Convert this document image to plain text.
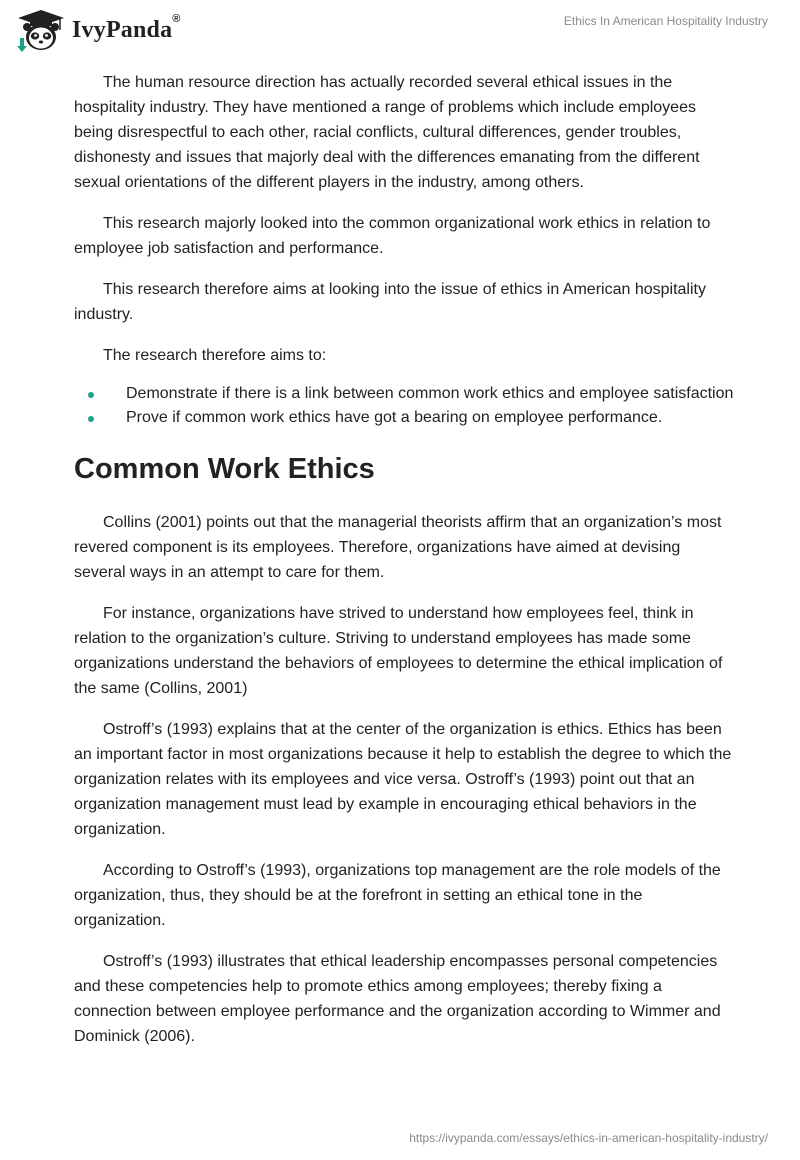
IvyPanda®	Ethics In American Hospitality Industry

The human resource direction has actually recorded several ethical issues in the hospitality industry. They have mentioned a range of problems which include employees being disrespectful to each other, racial conflicts, cultural differences, gender troubles, dishonesty and issues that majorly deal with the differences emanating from the different sexual orientations of the different players in the industry, among others.

This research majorly looked into the common organizational work ethics in relation to employee job satisfaction and performance.

This research therefore aims at looking into the issue of ethics in American hospitality industry.

The research therefore aims to:

Demonstrate if there is a link between common work ethics and employee satisfaction
Prove if common work ethics have got a bearing on employee performance.
Common Work Ethics

Collins (2001) points out that the managerial theorists affirm that an organization’s most revered component is its employees. Therefore, organizations have aimed at devising several ways in an attempt to care for them.

For instance, organizations have strived to understand how employees feel, think in relation to the organization’s culture. Striving to understand employees has made some organizations understand the behaviors of employees to determine the ethical implication of the same (Collins, 2001)

Ostroff’s (1993) explains that at the center of the organization is ethics. Ethics has been an important factor in most organizations because it help to establish the degree to which the organization relates with its employees and vice versa. Ostroff’s (1993) point out that an organization management must lead by example in encouraging ethical behaviors in the organization.

According to Ostroff’s (1993), organizations top management are the role models of the organization, thus, they should be at the forefront in setting an ethical tone in the organization.

Ostroff’s (1993) illustrates that ethical leadership encompasses personal competencies and these competencies help to promote ethics among employees; thereby fixing a connection between employee performance and the organization according to Wimmer and Dominick (2006).

https://ivypanda.com/essays/ethics-in-american-hospitality-industry/
